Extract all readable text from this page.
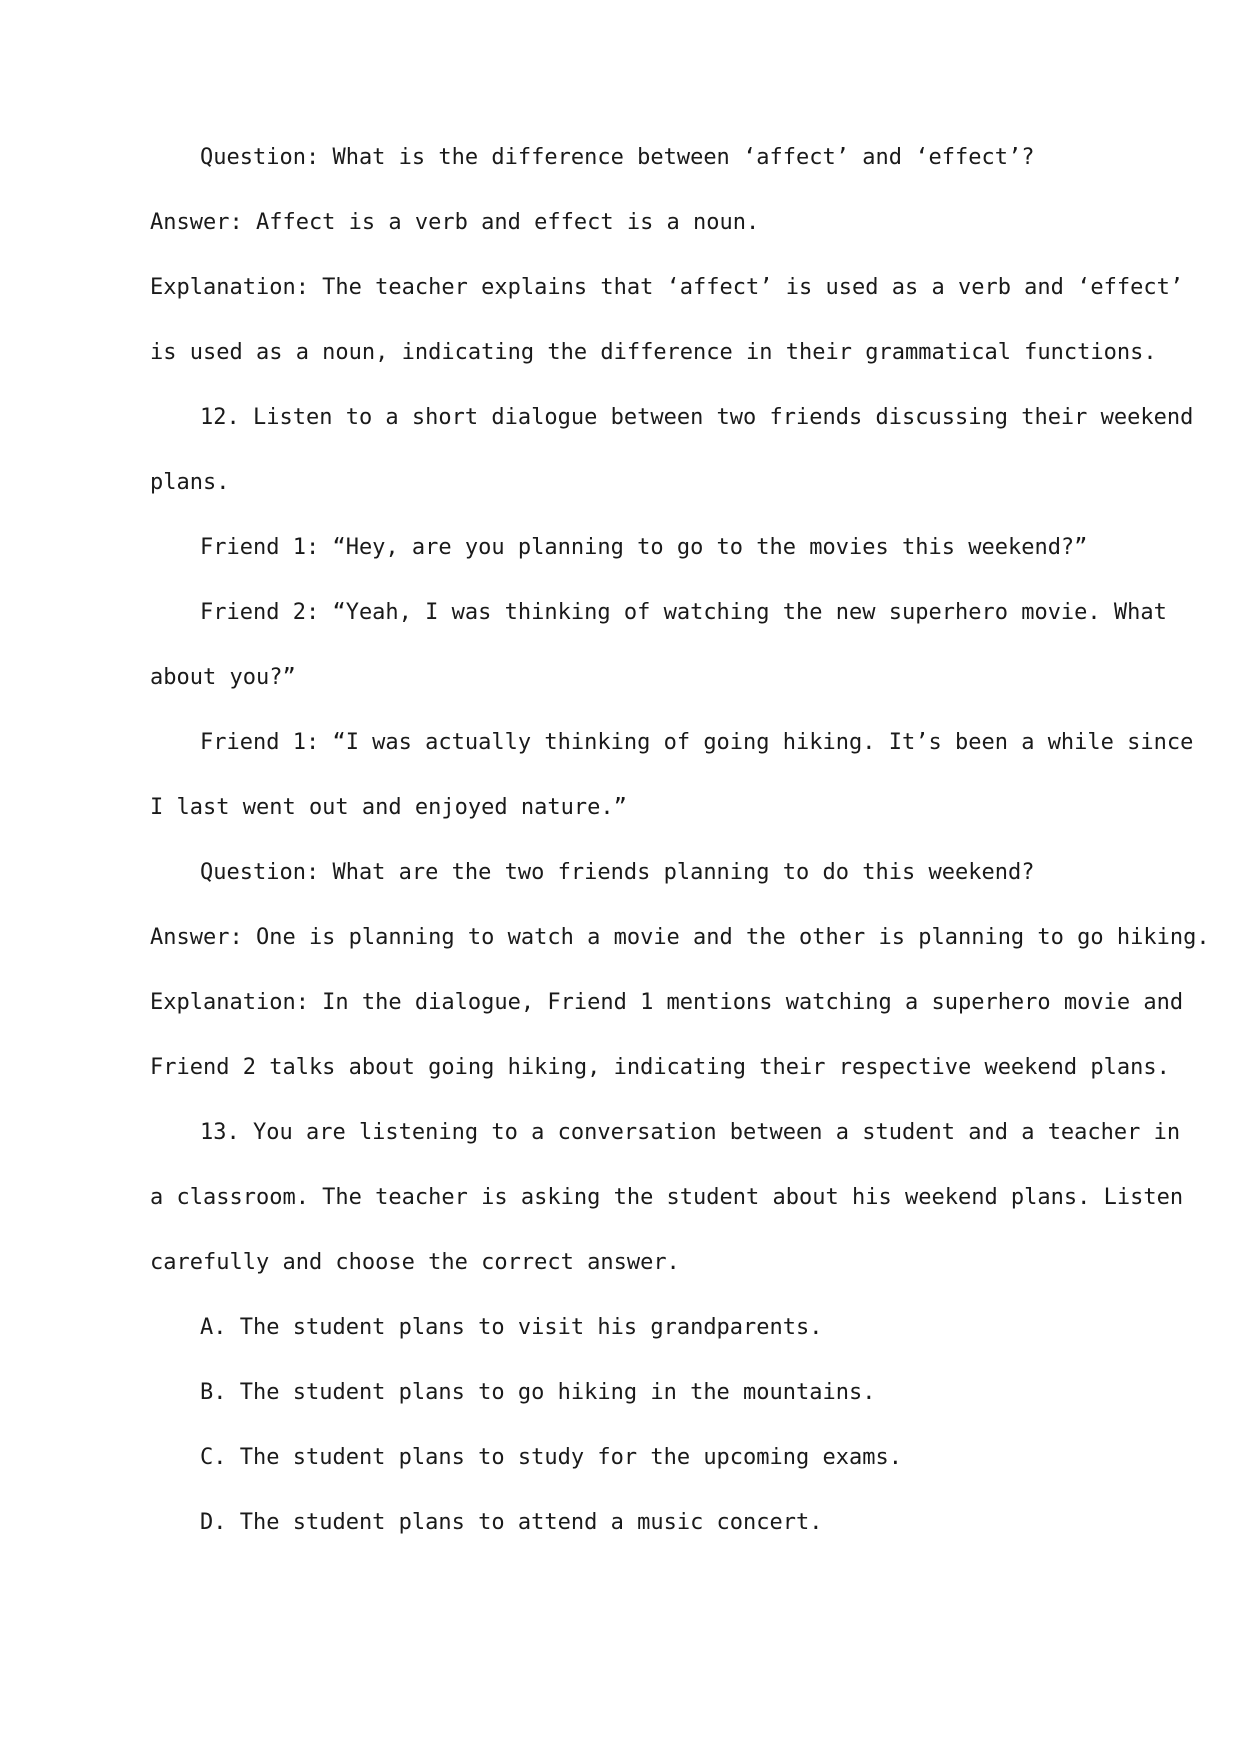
Question: What is the difference between ‘affect’ and ‘effect’?
Answer: Affect is a verb and effect is a noun.
Explanation: The teacher explains that ‘affect’ is used as a verb and ‘effect’
is used as a noun, indicating the difference in their grammatical functions.
12. Listen to a short dialogue between two friends discussing their weekend
plans.
Friend 1: “Hey, are you planning to go to the movies this weekend?”
Friend 2: “Yeah, I was thinking of watching the new superhero movie. What
about you?”
Friend 1: “I was actually thinking of going hiking. It’s been a while since
I last went out and enjoyed nature.”
Question: What are the two friends planning to do this weekend?
Answer: One is planning to watch a movie and the other is planning to go hiking.
Explanation: In the dialogue, Friend 1 mentions watching a superhero movie and
Friend 2 talks about going hiking, indicating their respective weekend plans.
13. You are listening to a conversation between a student and a teacher in
a classroom. The teacher is asking the student about his weekend plans. Listen
carefully and choose the correct answer.
A. The student plans to visit his grandparents.
B. The student plans to go hiking in the mountains.
C. The student plans to study for the upcoming exams.
D. The student plans to attend a music concert.
